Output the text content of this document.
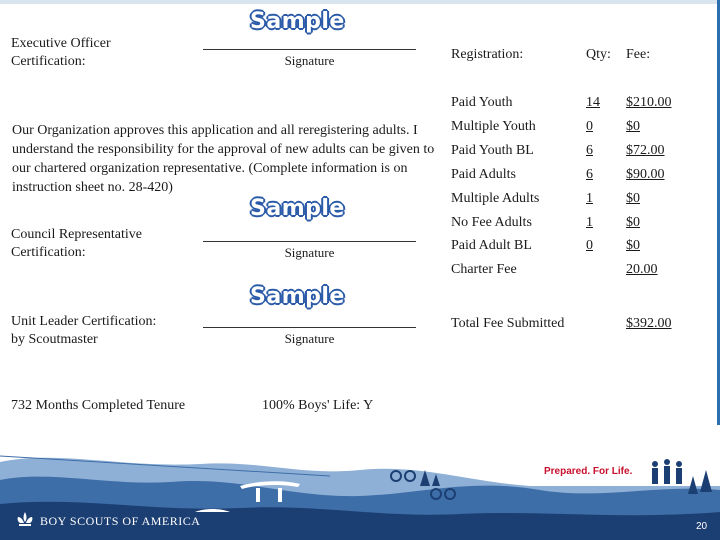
Sample
Executive Officer
Certification:	Signature
Our Organization approves this application and all reregistering adults. I understand the responsibility for the approval of new adults can be given to our chartered organization representative. (Complete information is on instruction sheet no. 28-420)
Sample
Council Representative
Certification:	Signature
Sample
Unit Leader Certification:
by Scoutmaster	Signature
732 Months Completed Tenure	100% Boys' Life: Y
Registration:	Qty: Fee:
Paid Youth	14 $210.00
Multiple Youth	0 $0
Paid Youth BL	6 $72.00
Paid Adults	6 $90.00
Multiple Adults	1 $0
No Fee Adults	1 $0
Paid Adult BL	0 $0
Charter Fee	20.00
Total Fee Submitted	$392.00
BOY SCOUTS OF AMERICA
Prepared. For Life.
20
